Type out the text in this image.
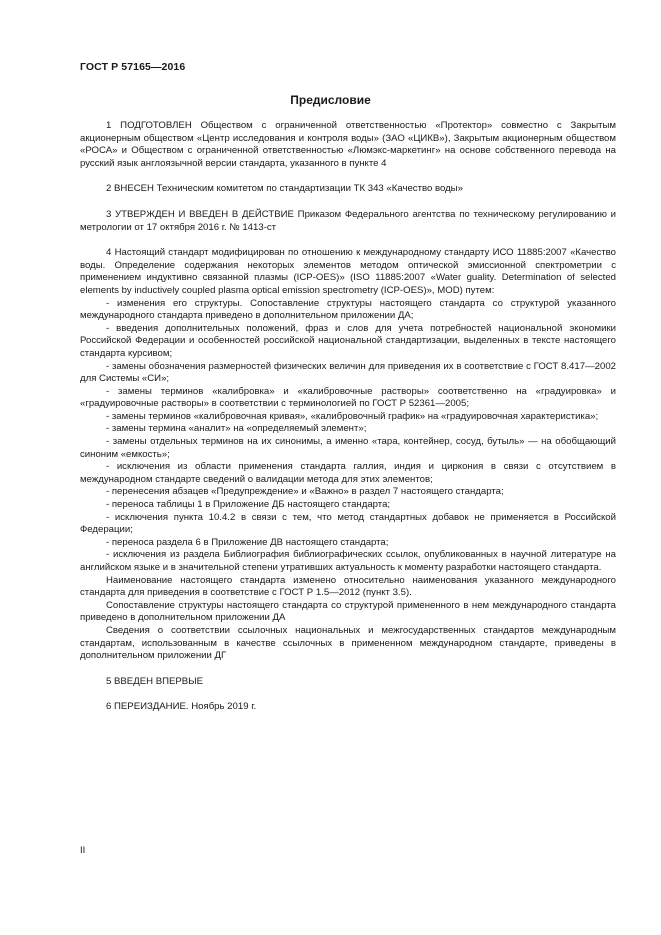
ГОСТ Р 57165—2016
Предисловие

1 ПОДГОТОВЛЕН Обществом с ограниченной ответственностью «Протектор» совместно с Закрытым акционерным обществом «Центр исследования и контроля воды» (ЗАО «ЦИКВ»), Закрытым акционерным обществом «РОСА» и Обществом с ограниченной ответственностью «Люмэкс-маркетинг» на основе собственного перевода на русский язык англоязычной версии стандарта, указанного в пункте 4

2 ВНЕСЕН Техническим комитетом по стандартизации ТК 343 «Качество воды»

3 УТВЕРЖДЕН И ВВЕДЕН В ДЕЙСТВИЕ Приказом Федерального агентства по техническому регулированию и метрологии от 17 октября 2016 г. № 1413-ст

4 Настоящий стандарт модифицирован по отношению к международному стандарту ИСО 11885:2007 «Качество воды. Определение содержания некоторых элементов методом оптической эмиссионной спектрометрии с применением индуктивно связанной плазмы (ICP-OES)» (ISO 11885:2007 «Water guality. Determination of selected elements by inductively coupled plasma optical emission spectrometry (ICP-OES)», MOD) путем:

- изменения его структуры. Сопоставление структуры настоящего стандарта со структурой указанного международного стандарта приведено в дополнительном приложении ДА;

- введения дополнительных положений, фраз и слов для учета потребностей национальной экономики Российской Федерации и особенностей российской национальной стандартизации, выделенных в тексте настоящего стандарта курсивом;

- замены обозначения размерностей физических величин для приведения их в соответствие с ГОСТ 8.417—2002 для Системы «СИ»;

- замены терминов «калибровка» и «калибровочные растворы» соответственно на «градуировка» и «градуировочные растворы» в соответствии с терминологией по ГОСТ Р 52361—2005;

- замены терминов «калибровочная кривая», «калибровочный график» на «градуировочная характеристика»;

- замены термина «аналит» на «определяемый элемент»;

- замены отдельных терминов на их синонимы, а именно «тара, контейнер, сосуд, бутыль» — на обобщающий синоним «емкость»;

- исключения из области применения стандарта галлия, индия и циркония в связи с отсутствием в международном стандарте сведений о валидации метода для этих элементов;

- перенесения абзацев «Предупреждение» и «Важно» в раздел 7 настоящего стандарта;

- переноса таблицы 1 в Приложение ДБ настоящего стандарта;

- исключения пункта 10.4.2 в связи с тем, что метод стандартных добавок не применяется в Российской Федерации;

- переноса раздела 6 в Приложение ДВ настоящего стандарта;

- исключения из раздела Библиография библиографических ссылок, опубликованных в научной литературе на английском языке и в значительной степени утративших актуальность к моменту разработки настоящего стандарта.

Наименование настоящего стандарта изменено относительно наименования указанного международного стандарта для приведения в соответствие с ГОСТ Р 1.5—2012 (пункт 3.5).

Сопоставление структуры настоящего стандарта со структурой примененного в нем международного стандарта приведено в дополнительном приложении ДА

Сведения о соответствии ссылочных национальных и межгосударственных стандартов международным стандартам, использованным в качестве ссылочных в примененном международном стандарте, приведены в дополнительном приложении ДГ

5 ВВЕДЕН ВПЕРВЫЕ

6 ПЕРЕИЗДАНИЕ. Ноябрь 2019 г.

II
